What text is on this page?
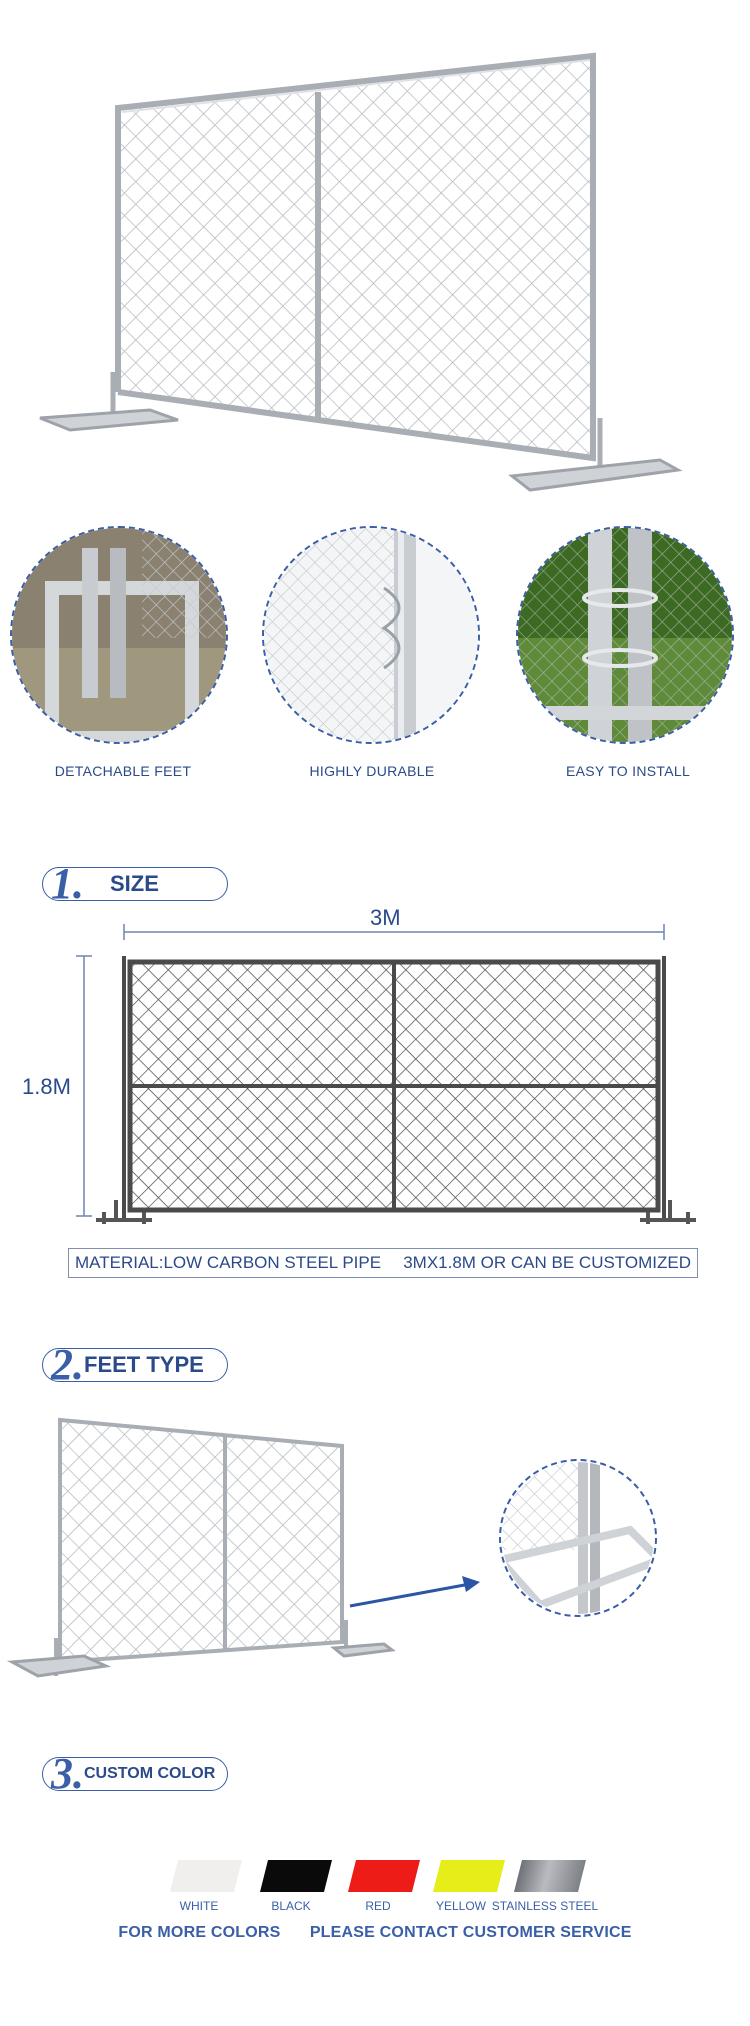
DETACHABLE FEET	HIGHLY DURABLE	EASY TO INSTALL
1. SIZE
3M
1.8M
MATERIAL:LOW CARBON STEEL PIPE 3MX1.8M OR CAN BE CUSTOMIZED
2. FEET TYPE
3. CUSTOM COLOR
WHITE	BLACK	RED	YELLOW STAINLESS STEEL
FOR MORE COLORS PLEASE CONTACT CUSTOMER SERVICE
